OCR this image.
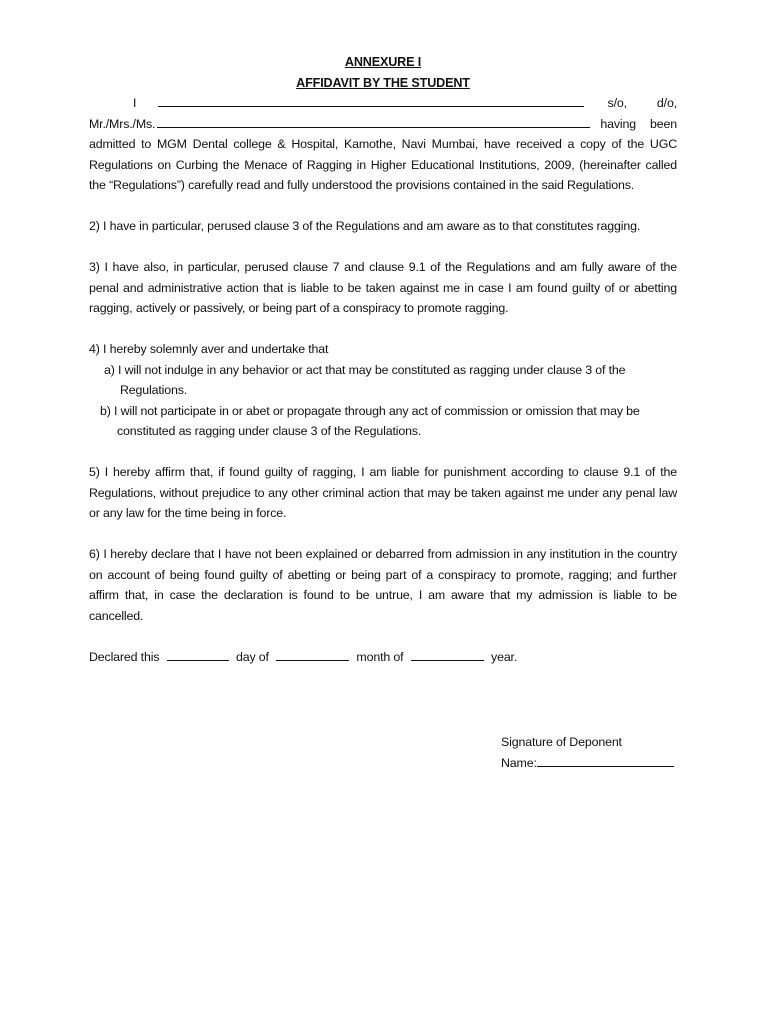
ANNEXURE I
AFFIDAVIT BY THE STUDENT
I	s/o, d/o,
Mr./Mrs./Ms.	having been

admitted to MGM Dental college & Hospital, Kamothe, Navi Mumbai, have received a copy of the UGC Regulations on Curbing the Menace of Ragging in Higher Educational Institutions, 2009, (hereinafter called the “Regulations”) carefully read and fully understood the provisions contained in the said Regulations.

2) I have in particular, perused clause 3 of the Regulations and am aware as to that constitutes ragging.

3) I have also, in particular, perused clause 7 and clause 9.1 of the Regulations and am fully aware of the penal and administrative action that is liable to be taken against me in case I am found guilty of or abetting ragging, actively or passively, or being part of a conspiracy to promote ragging.

4) I hereby solemnly aver and undertake that

a) I will not indulge in any behavior or act that may be constituted as ragging under clause 3 of the

Regulations.

b) I will not participate in or abet or propagate through any act of commission or omission that may be

constituted as ragging under clause 3 of the Regulations.

5) I hereby affirm that, if found guilty of ragging, I am liable for punishment according to clause 9.1 of the Regulations, without prejudice to any other criminal action that may be taken against me under any penal law or any law for the time being in force.

6) I hereby declare that I have not been explained or debarred from admission in any institution in the country on account of being found guilty of abetting or being part of a conspiracy to promote, ragging; and further affirm that, in case the declaration is found to be untrue, I am aware that my admission is liable to be cancelled.

Declared this	day of	month of	year.

Signature of Deponent
Name:
